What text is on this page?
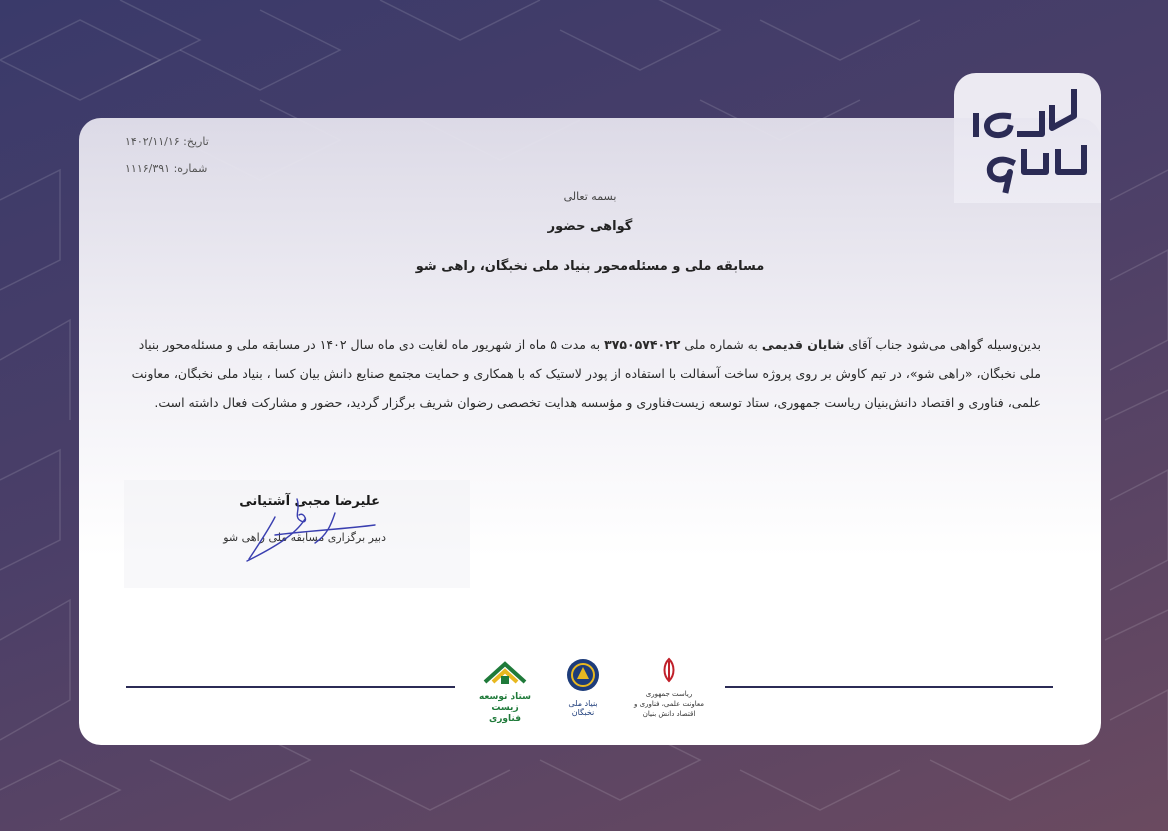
تاریخ: ۱۴۰۲/۱۱/۱۶
شماره: ۱۱۱۶/۳۹۱
بسمه تعالی
گواهی حضور
مسابقه ملی و مسئله‌محور بنیاد ملی نخبگان، راهی شو
بدین‌وسیله گواهی می‌شود جناب آقای شایان قدیمی به شماره ملی ۳۷۵۰۵۷۴۰۲۲ به مدت ۵ ماه از شهریور ماه لغایت دی ماه سال ۱۴۰۲ در مسابقه ملی و مسئله‌محور بنیاد ملی نخبگان، «راهی شو»، در تیم کاوش بر روی پروژه ساخت آسفالت با استفاده از پودر لاستیک که با همکاری و حمایت مجتمع صنایع دانش بیان کسا ، بنیاد ملی نخبگان، معاونت علمی، فناوری و اقتصاد دانش‌بنیان ریاست جمهوری، ستاد توسعه زیست‌فناوری و مؤسسه هدایت تخصصی رضوان شریف برگزار گردید، حضور و مشارکت فعال داشته است.
علیرضا مجبی آشتیانی
دبیر برگزاری مسابقه ملی راهی شو
ستاد توسعه
زیست فناوری
بنیاد ملی نخبگان
ریاست جمهوری
معاونت علمی، فناوری و اقتصاد دانش بنیان
